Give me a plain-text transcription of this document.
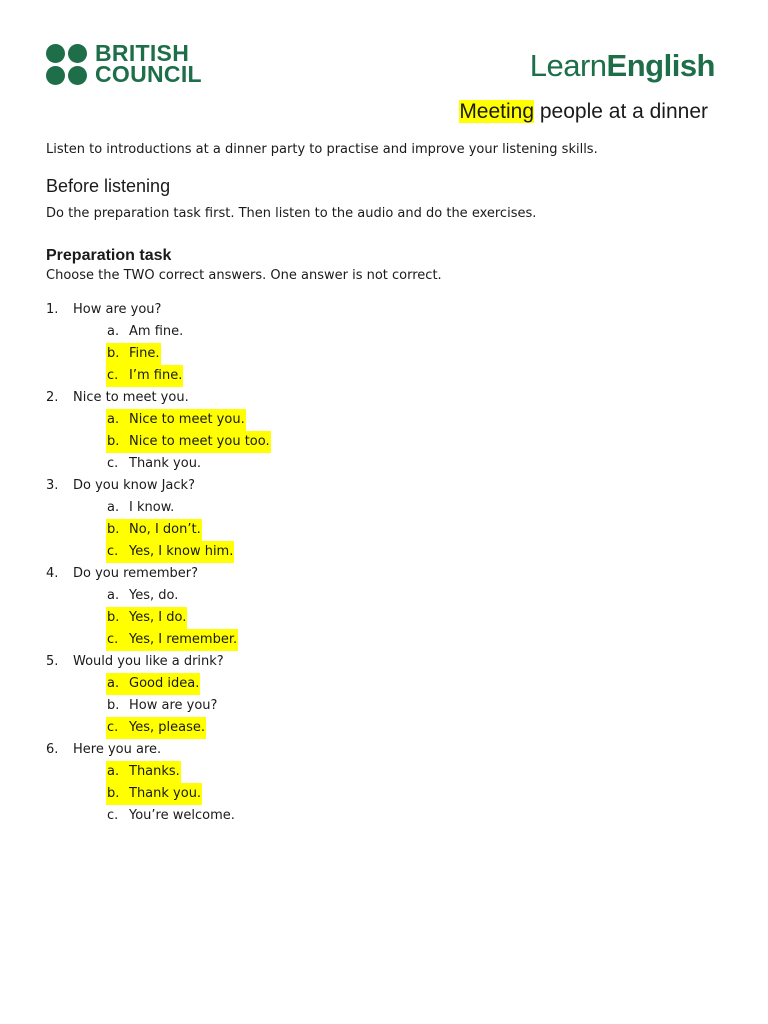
BRITISH
COUNCIL	LearnEnglish
Meeting people at a dinner
Listen to introductions at a dinner party to practise and improve your listening skills.
Before listening
Do the preparation task first. Then listen to the audio and do the exercises.
Preparation task
Choose the TWO correct answers. One answer is not correct.
1.	How are you?
a. Am fine.
b. Fine.
c. I’m fine.
2.	Nice to meet you.
a. Nice to meet you.
b. Nice to meet you too.
c. Thank you.
3.	Do you know Jack?
a. I know.
b. No, I don’t.
c. Yes, I know him.
4.	Do you remember?
a. Yes, do.
b. Yes, I do.
c. Yes, I remember.
5.	Would you like a drink?
a. Good idea.
b. How are you?
c. Yes, please.
6.	Here you are.
a. Thanks.
b. Thank you.
c. You’re welcome.
